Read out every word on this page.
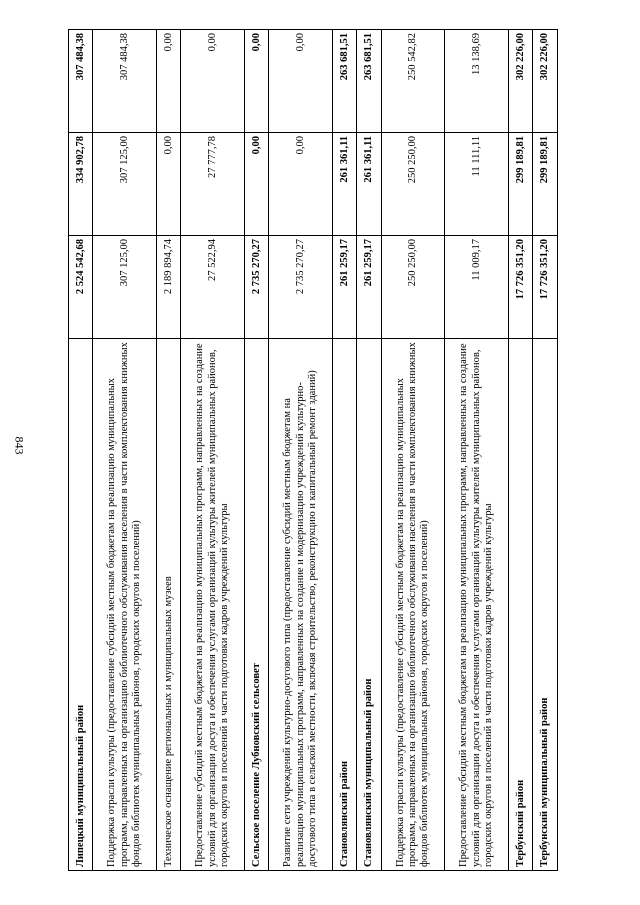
843
Липецкий муниципальный район	2 524 542,68	334 902,78	307 484,38
Поддержка отрасли культуры (предоставление субсидий местным бюджетам на реализацию муниципальных программ, направленных на организацию библиотечного обслуживания населения в части комплектования книжных фондов библиотек муниципальных районов, городских округов и поселений)	307 125,00	307 125,00	307 484,38
Техническое оснащение региональных и муниципальных музеев	2 189 894,74	0,00	0,00
Предоставление субсидий местным бюджетам на реализацию муниципальных программ, направленных на создание условий для организации досуга и обеспечения услугами организаций культуры жителей муниципальных районов, городских округов и поселений в части подготовки кадров учреждений культуры	27 522,94	27 777,78	0,00
Сельское поселение Лубновский сельсовет	2 735 270,27	0,00	0,00
Развитие сети учреждений культурно-досугового типа (предоставление субсидий местным бюджетам на реализацию муниципальных программ, направленных на создание и модернизацию учреждений культурно-досугового типа в сельской местности, включая строительство, реконструкцию и капитальный ремонт зданий)	2 735 270,27	0,00	0,00
Становлянский район	261 259,17	261 361,11	263 681,51
Становлянский муниципальный район	261 259,17	261 361,11	263 681,51
Поддержка отрасли культуры (предоставление субсидий местным бюджетам на реализацию муниципальных программ, направленных на организацию библиотечного обслуживания населения в части комплектования книжных фондов библиотек муниципальных районов, городских округов и поселений)	250 250,00	250 250,00	250 542,82
Предоставление субсидий местным бюджетам на реализацию муниципальных программ, направленных на создание условий для организации досуга и обеспечения услугами организаций культуры жителей муниципальных районов, городских округов и поселений в части подготовки кадров учреждений культуры	11 009,17	11 111,11	13 138,69
Тербунский район	17 726 351,20	299 189,81	302 226,00
Тербунский муниципальный район	17 726 351,20	299 189,81	302 226,00
